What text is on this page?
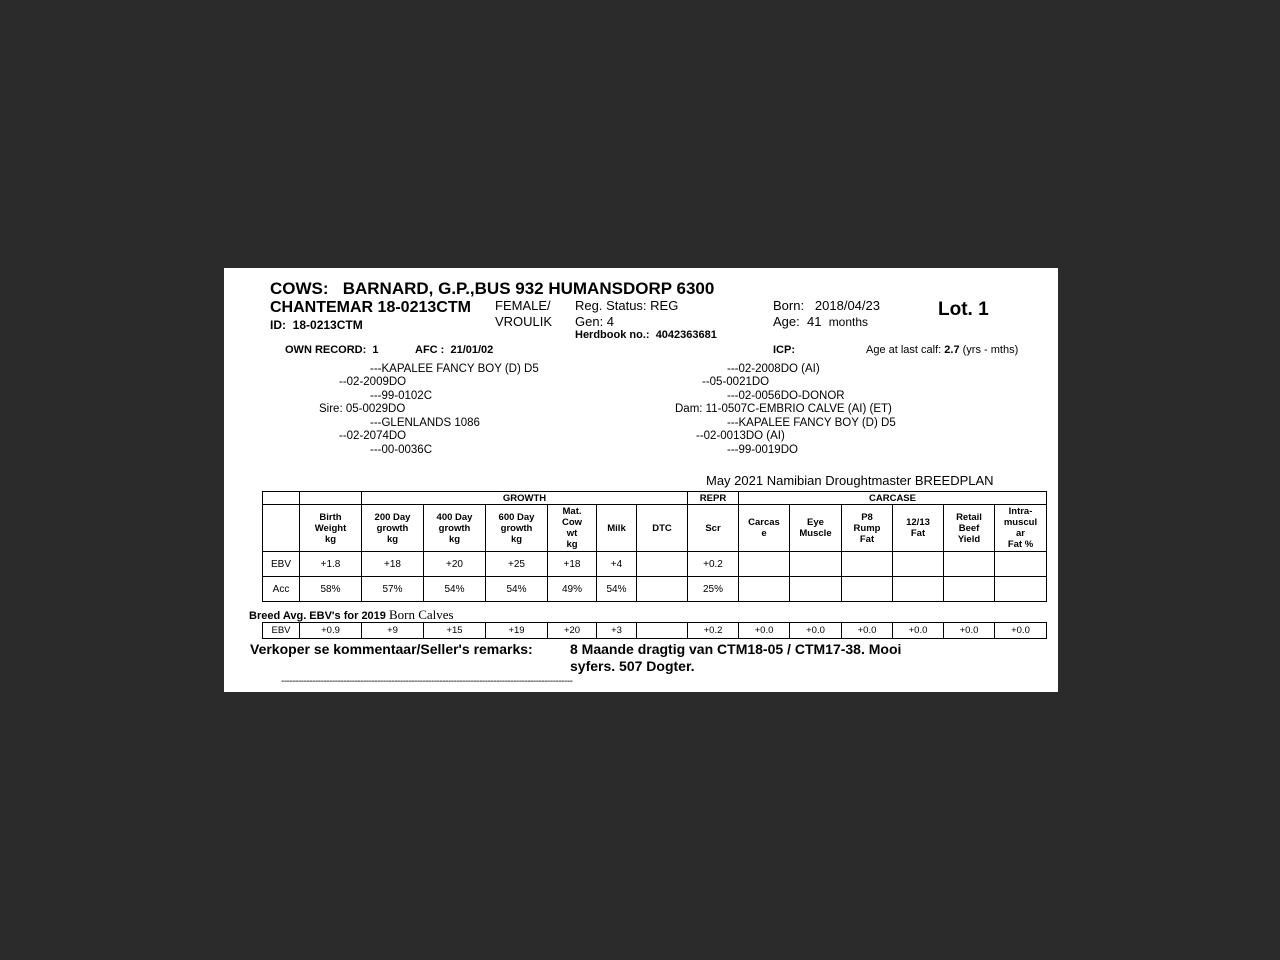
COWS: BARNARD, G.P.,BUS 932 HUMANSDORP 6300
CHANTEMAR 18-0213CTM
ID: 18-0213CTM
FEMALE/
VROULIK
Reg. Status: REG
Gen: 4
Herdbook no.: 4042363681
Born: 2018/04/23
Age: 41 months
Lot. 1
OWN RECORD: 1	AFC : 21/01/02	ICP:	Age at last calf: 2.7 (yrs - mths)
---KAPALEE FANCY BOY (D) D5
--02-2009DO
---99-0102C
Sire: 05-0029DO
---GLENLANDS 1086
--02-2074DO
---00-0036C
---02-2008DO (AI)
--05-0021DO
---02-0056DO-DONOR
Dam: 11-0507C-EMBRIO CALVE (AI) (ET)
---KAPALEE FANCY BOY (D) D5
--02-0013DO (AI)
---99-0019DO
May 2021 Namibian Droughtmaster BREEDPLAN
		GROWTH						REPR	CARCASE					
	Birth
Weight
kg	200 Day
growth
kg	400 Day
growth
kg	600 Day
growth
kg	Mat.
Cow
wt
kg	Milk	DTC	Scr	Carcas
e	Eye
Muscle	P8
Rump
Fat	12/13
Fat	Retail
Beef
Yield	Intra-
muscul
ar
Fat %
EBV	+1.8	+18	+20	+25	+18	+4		+0.2						
Acc	58%	57%	54%	54%	49%	54%		25%						
Breed Avg. EBV's for 2019 Born Calves
EBV	+0.9	+9	+15	+19	+20	+3		+0.2	+0.0	+0.0	+0.0	+0.0	+0.0	+0.0
Verkoper se kommentaar/Seller's remarks:	8 Maande dragtig van CTM18-05 / CTM17-38. Mooi
syfers. 507 Dogter.
-------------------------------------------------------------------------------------------------------
